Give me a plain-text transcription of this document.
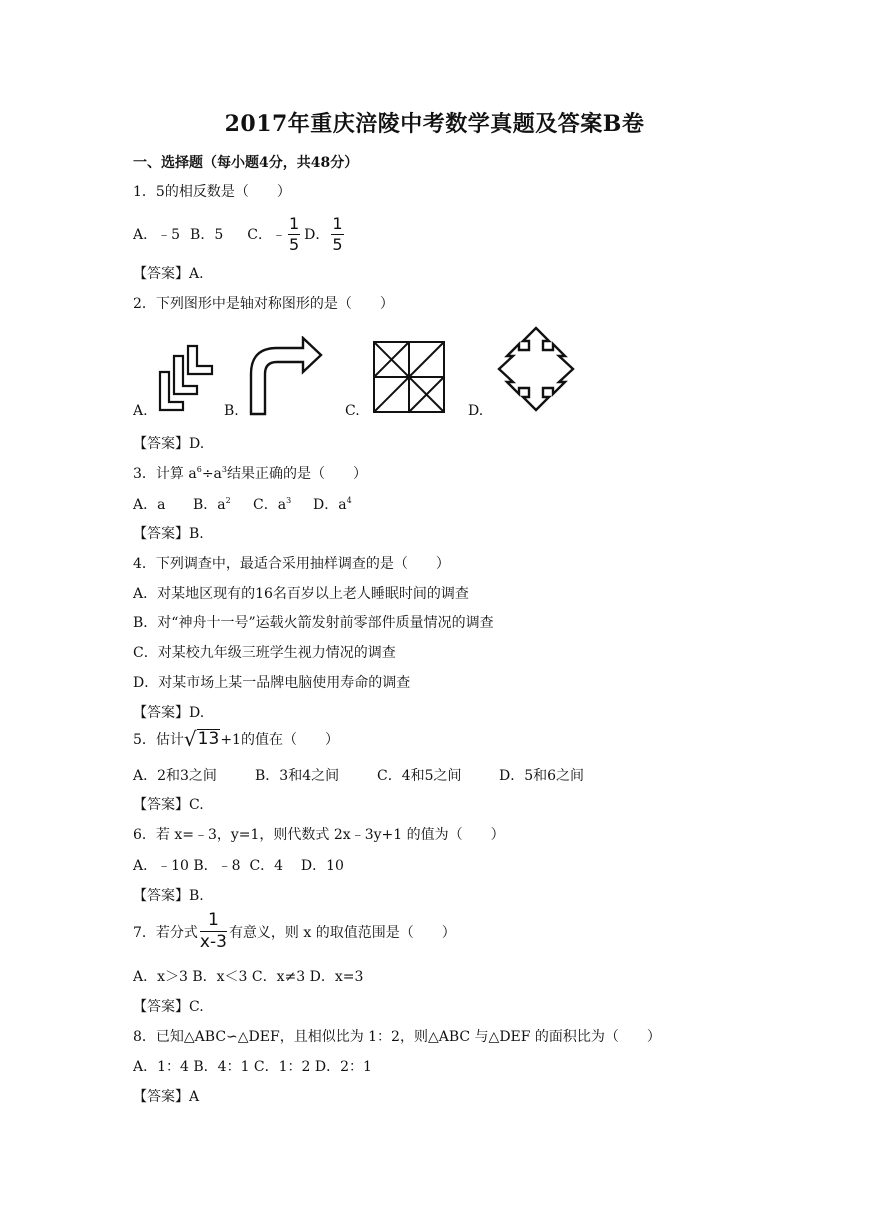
2017年重庆涪陵中考数学真题及答案B卷
一、选择题（每小题4分，共48分）
1．5的相反数是（　　）
A．﹣5 B．5 C．﹣ $\frac{1}{5}$ D． $\frac{1}{5}$
【答案】A.
2．下列图形中是轴对称图形的是（　　）
A.	B.	C.	D.
【答案】D.
3．计算 $a^6\div a^3$结果正确的是（　　）
A．a B．$a^2$ C．$a^3$ D．$a^4$
【答案】B.
4．下列调查中，最适合采用抽样调查的是（　　）
A．对某地区现有的16名百岁以上老人睡眠时间的调查
B．对“神舟十一号”运载火箭发射前零部件质量情况的调查
C．对某校九年级三班学生视力情况的调查
D．对某市场上某一品牌电脑使用寿命的调查
【答案】D.
5．估计 √ 13 +1的值在（　　）
A．2和3之间	B．3和4之间	C．4和5之间	D．5和6之间
【答案】C.
6．若 x=﹣3，y=1，则代数式 2x﹣3y+1 的值为（　　）
A．﹣10 B．﹣8  C．4    D．10
【答案】B.
7．若分式 $\frac{1}{x-3}$ 有意义，则 x 的取值范围是（　　）
A．x＞3 B．x＜3 C．x≠3 D．x=3
【答案】C.
8．已知△ABC∽△DEF，且相似比为 1：2，则△ABC 与△DEF 的面积比为（　　）
A．1：4 B．4：1 C．1：2 D．2：1
【答案】A
